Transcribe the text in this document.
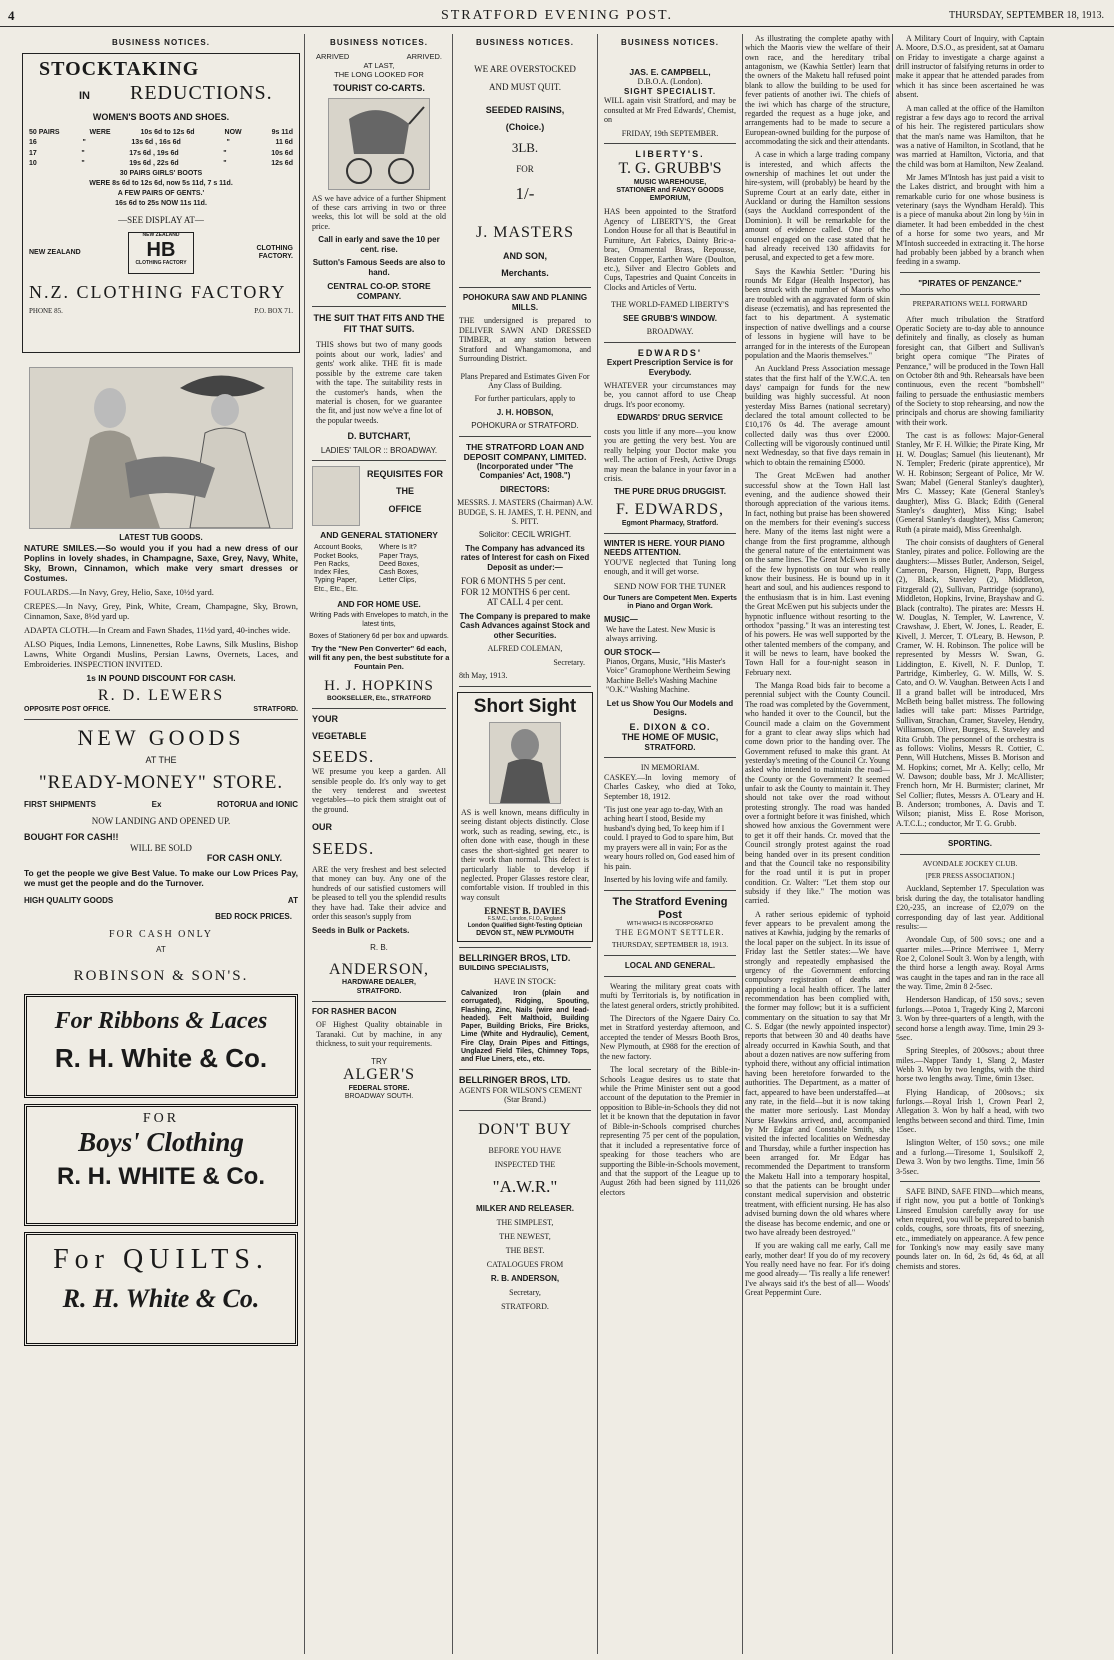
4	STRATFORD EVENING POST.	THURSDAY, SEPTEMBER 18, 1913.
BUSINESS NOTICES.
STOCKTAKING
IN REDUCTIONS.
WOMEN'S BOOTS AND SHOES.
50 PAIRS	WERE	10s 6d to 12s 6d	NOW	9s 11d
16	"	13s 6d , 16s 6d	"	11 6d
17	"	17s 6d , 19s 6d	"	10s 6d
10	"	19s 6d , 22s 6d	"	12s 6d
30 PAIRS GIRLS' BOOTS
WERE 8s 6d to 12s 6d, now 5s 11d, 7 s 11d.
A FEW PAIRS OF GENTS.'
16s 6d to 25s NOW 11s 11d.
—SEE DISPLAY AT—
NEW ZEALAND
NEW ZEALAND
HB
CLOTHING FACTORY
CLOTHING FACTORY.
N.Z. CLOTHING FACTORY
PHONE 85.	P.O. BOX 71.
LATEST TUB GOODS.

NATURE SMILES.—So would you if you had a new dress of our Poplins in lovely shades, in Champagne, Saxe, Grey, Navy, White, Sky, Brown, Cinnamon, which make very smart dresses or Costumes.

FOULARDS.—In Navy, Grey, Helio, Saxe, 10½d yard.

CREPES.—In Navy, Grey, Pink, White, Cream, Champagne, Sky, Brown, Cinnamon, Saxe, 8½d yard up.

ADAPTA CLOTH.—In Cream and Fawn Shades, 11½d yard, 40-inches wide.

ALSO Piques, India Lemons, Linnenettes, Robe Lawns, Silk Muslins, Bishop Lawns, White Organdi Muslins, Persian Lawns, Overnets, Laces, and Embroideries. INSPECTION INVITED.

1s IN POUND DISCOUNT FOR CASH.

R. D. LEWERS
OPPOSITE POST OFFICE.	STRATFORD.
NEW GOODS
AT THE
"READY-MONEY" STORE.
FIRST SHIPMENTS	Ex	ROTORUA and IONIC
NOW LANDING AND OPENED UP.
BOUGHT FOR CASH!!
WILL BE SOLD
FOR CASH ONLY.

To get the people we give Best Value. To make our Low Prices Pay, we must get the people and do the Turnover.

HIGH QUALITY GOODS	AT
BED ROCK PRICES.
FOR CASH ONLY
AT
ROBINSON & SON'S.
For Ribbons & Laces
R. H. White & Co.
FOR
Boys' Clothing
R. H. WHITE & Co.
For QUILTS.
R. H. White & Co.
BUSINESS NOTICES.
ARRIVED	ARRIVED.
AT LAST,
THE LONG LOOKED FOR
TOURIST CO-CARTS.

AS we have advice of a further Shipment of these cars arriving in two or three weeks, this lot will be sold at the old price.

Call in early and save the 10 per cent. rise.

Sutton's Famous Seeds are also to hand.

CENTRAL CO-OP. STORE COMPANY.

THE SUIT THAT FITS AND THE FIT THAT SUITS.

THIS shows but two of many goods points about our work, ladies' and gents' work alike. THE fit is made possible by the extreme care taken with the tape. The suitability rests in the customer's hands, when the material is chosen, for we guarantee the fit, and just now we've a fine lot of the popular tweeds.

D. BUTCHART,

LADIES' TAILOR :: BROADWAY.

REQUISITES FOR
THE
OFFICE
AND GENERAL STATIONERY
Account Books,	Where Is It?
Pocket Books,	Paper Trays,
Pen Racks,	Deed Boxes,
Index Files,	Cash Boxes,
Typing Paper,	Letter Clips,
Etc., Etc., Etc.
AND FOR HOME USE.

Writing Pads with Envelopes to match, in the latest tints,

Boxes of Stationery 6d per box and upwards.

Try the "New Pen Converter" 6d each, will fit any pen, the best substitute for a Fountain Pen.

H. J. HOPKINS
BOOKSELLER, Etc., STRATFORD
YOUR
VEGETABLE
SEEDS.

WE presume you keep a garden. All sensible people do. It's only way to get the very tenderest and sweetest vegetables—to pick them straight out of the ground.

OUR
SEEDS.

ARE the very freshest and best selected that money can buy. Any one of the hundreds of our satisfied customers will be pleased to tell you the splendid results they have had. Take their advice and order this season's supply from

Seeds in Bulk or Packets.

R. B.
ANDERSON,
HARDWARE DEALER,
STRATFORD.
FOR RASHER BACON

OF Highest Quality obtainable in Taranaki. Cut by machine, in any thickness, to suit your requirements.

TRY
ALGER'S
FEDERAL STORE.
BROADWAY SOUTH.
BUSINESS NOTICES.
WE ARE OVERSTOCKED
AND MUST QUIT.
SEEDED RAISINS,
(Choice.)
3LB.
FOR
1/-
J. MASTERS
AND SON,
Merchants.
POHOKURA SAW AND PLANING MILLS.

THE undersigned is prepared to DELIVER SAWN AND DRESSED TIMBER, at any station between Stratford and Whangamomona, and Surrounding District.

Plans Prepared and Estimates Given For Any Class of Building.

For further particulars, apply to

J. H. HOBSON,

POHOKURA or STRATFORD.

THE STRATFORD LOAN AND DEPOSIT COMPANY, LIMITED.

(Incorporated under "The Companies' Act, 1908.")

DIRECTORS:

MESSRS. J. MASTERS (Chairman) A.W. BUDGE, S. H. JAMES, T. H. PENN, and S. PITT.

Solicitor: CECIL WRIGHT.

The Company has advanced its rates of Interest for cash on Fixed Deposit as under:—

FOR 6 MONTHS 5 per cent.
FOR 12 MONTHS 6 per cent.
AT CALL 4 per cent.

The Company is prepared to make Cash Advances against Stock and other Securities.

ALFRED COLEMAN,

Secretary.

8th May, 1913.

Short Sight

AS is well known, means difficulty in seeing distant objects distinctly. Close work, such as reading, sewing, etc., is often done with ease, though in these cases the short-sighted get nearer to their work than normal. This defect is particularly liable to develop if neglected. Proper Glasses restore clear, comfortable vision. If troubled in this way consult

ERNEST B. DAVIES
F.S.M.C., London, F.I.O., England
London Qualified Sight-Testing Optician
DEVON ST., NEW PLYMOUTH
BELLRINGER BROS, LTD.
BUILDING SPECIALISTS,
HAVE IN STOCK:

Calvanized Iron (plain and corrugated), Ridging, Spouting, Flashing, Zinc, Nails (wire and lead-headed). Felt Malthoid, Building Paper, Building Bricks, Fire Bricks, Lime (White and Hydraulic), Cement, Fire Clay, Drain Pipes and Fittings, Unglazed Field Tiles, Chimney Tops, and Flue Liners, etc., etc.

BELLRINGER BROS, LTD.
AGENTS FOR WILSON'S CEMENT
(Star Brand.)
DON'T BUY
BEFORE YOU HAVE
INSPECTED THE
"A.W.R."
MILKER AND RELEASER.
THE SIMPLEST,
THE NEWEST,
THE BEST.
CATALOGUES FROM
R. B. ANDERSON,
Secretary,
STRATFORD.
BUSINESS NOTICES.
JAS. E. CAMPBELL,
D.B.O.A. (London).
SIGHT SPECIALIST.

WILL again visit Stratford, and may be consulted at Mr Fred Edwards', Chemist, on

FRIDAY, 19th SEPTEMBER.

LIBERTY'S.
T. G. GRUBB'S
MUSIC WAREHOUSE,
STATIONER and FANCY GOODS
EMPORIUM,

HAS been appointed to the Stratford Agency of LIBERTY'S, the Great London House for all that is Beautiful in Furniture, Art Fabrics, Dainty Bric-a-brac, Ornamental Brass, Repousse, Beaten Copper, Earthen Ware (Doulton, etc.), Silver and Electro Goblets and Cups, Tapestries and Quaint Conceits in Clocks and Articles of Vertu.

THE WORLD-FAMED LIBERTY'S

SEE GRUBB'S WINDOW.

BROADWAY.

EDWARDS'

Expert Prescription Service is for Everybody.

WHATEVER your circumstances may be, you cannot afford to use Cheap drugs. It's poor economy.

EDWARDS' DRUG SERVICE

costs you little if any more—you know you are getting the very best. You are really helping your Doctor make you well. The action of Fresh, Active Drugs may mean the balance in your favor in a crisis.

THE PURE DRUG DRUGGIST.

F. EDWARDS,
Egmont Pharmacy, Stratford.
WINTER IS HERE. YOUR PIANO NEEDS ATTENTION.

YOU'VE neglected that Tuning long enough, and it will get worse.

SEND NOW FOR THE TUNER

Our Tuners are Competent Men. Experts in Piano and Organ Work.

MUSIC—

We have the Latest. New Music is always arriving.

OUR STOCK—

Pianos, Organs, Music, "His Master's Voice" Gramophone Wertheim Sewing Machine Belle's Washing Machine "O.K." Washing Machine.

Let us Show You Our Models and Designs.

E. DIXON & CO.
THE HOME OF MUSIC,
STRATFORD.
IN MEMORIAM.

CASKEY.—In loving memory of Charles Caskey, who died at Toko, September 18, 1912.

'Tis just one year ago to-day, With an aching heart I stood, Beside my husband's dying bed, To keep him if I could. I prayed to God to spare him, But my prayers were all in vain; For as the weary hours rolled on, God eased him of his pain.

Inserted by his loving wife and family.

The Stratford Evening Post
WITH WHICH IS INCORPORATED
THE EGMONT SETTLER.
THURSDAY, SEPTEMBER 18, 1913.
LOCAL AND GENERAL.

Wearing the military great coats with mufti by Territorials is, by notification in the latest general orders, strictly prohibited.

The Directors of the Ngaere Dairy Co. met in Stratford yesterday afternoon, and accepted the tender of Messrs Booth Bros, New Plymouth, at £988 for the erection of the new factory.

The local secretary of the Bible-in-Schools League desires us to state that while the Prime Minister sent out a good account of the deputation to the Premier in opposition to Bible-in-Schools they did not let it be known that the deputation in favor of Bible-in-Schools comprised churches representing 75 per cent of the population, that it included a representative force of speaking for those teachers who are supporting the Bible-in-Schools movement, and that the support of the League up to August 26th had been signed by 111,026 electors

As illustrating the complete apathy with which the Maoris view the welfare of their own race, and the hereditary tribal antagonism, we (Kawhia Settler) learn that the owners of the Maketu hall refused point blank to allow the building to be used for fever patients of another iwi. The chiefs of the iwi which has charge of the structure, regarded the request as a huge joke, and arrangements had to be made to secure a European-owned building for the purpose of accommodating the sick and their attendants.

A case in which a large trading company is interested, and which affects the ownership of machines let out under the hire-system, will (probably) be heard by the Supreme Court at an early date, either in Auckland or during the Hamilton sessions (says the Auckland correspondent of the Dominion). It will be remarkable for the amount of evidence called. One of the counsel engaged on the case stated that he had already received 130 affidavits for perusal, and expected to get a few more.

Says the Kawhia Settler: "During his rounds Mr Edgar (Health Inspector), has been struck with the number of Maoris who are troubled with an aggravated form of skin disease (eczematis), and has represented the fact to his department. A systematic inspection of native dwellings and a course of lessons in hygiene will have to be arranged for in the interests of the European population and the Maoris themselves."

An Auckland Press Association message states that the first half of the Y.W.C.A. ten days' campaign for funds for the new building was highly successful. At noon yesterday Miss Barnes (national secretary) declared the total amount collected to be £10,176 0s 4d. The average amount collected daily was thus over £2000. Collecting will be vigorously continued until next Wednesday, so that five days remain in which to obtain the remaining £5000.

The Great McEwen had another successful show at the Town Hall last evening, and the audience showed their thorough appreciation of the various items. In fact, nothing but praise has been showered on the members for their evening's success here. Many of the items last night were a change from the first programme, although the general nature of the entertainment was on the same lines. The Great McEwen is one of the few hypnotists on tour who really know their business. He is bound up in it heart and soul, and his audiences respond to the enthusiasm that is in him. Last evening the Great McEwen put his subjects under the hypnotic influence without resorting to the orthodox "passing." It was an interesting test of his powers. He was well supported by the other talented members of the company, and it will be news to learn, have booked the Town Hall for a four-night season in February next.

The Manga Road bids fair to become a perennial subject with the County Council. The road was completed by the Government, who handed it over to the Council, but the Council made a claim on the Government for a grant to clear away slips which had come down prior to the handing over. The Government refused to make this grant. At yesterday's meeting of the Council Cr. Young asked who intended to maintain the road—the County or the Government? It seemed unfair to ask the County to maintain it. They should not take over the road without protesting strongly. The road was handed over a fortnight before it was finished, which showed how anxious the Government were to get it off their hands. Cr. moved that the Council strongly protest against the road being handed over in its present condition and that the Council take no responsibility for the road until it is put in proper condition. Cr. Walter: "Let them stop our subsidy if they like." The motion was carried.

A rather serious epidemic of typhoid fever appears to be prevalent among the natives at Kawhia, judging by the remarks of the local paper on the subject. In its issue of Friday last the Settler states:—We have strongly and repeatedly emphasised the urgency of the Government enforcing compulsory registration of deaths and appointing a local health officer. The latter recommendation has been complied with, the former may follow; but it is a sufficient commentary on the situation to say that Mr C. S. Edgar (the newly appointed inspector) reports that between 30 and 40 deaths have already occurred in Kawhia South, and that about a dozen natives are now suffering from typhoid there, without any official intimation having been heretofore forwarded to the authorities. The Department, as a matter of fact, appeared to have been understaffed—at any rate, in the field—but it is now taking the matter more seriously. Last Monday Nurse Hawkins arrived, and, accompanied by Mr Edgar and Constable Smith, she visited the infected localities on Wednesday and Thursday, while a further inspection has been arranged for. Mr Edgar has recommended the Department to transform the Maketu Hall into a temporary hospital, so that the patients can be brought under constant medical supervision and obstetric treatment, with efficient nursing. He has also advised burning down the old whares where the disease has become endemic, and one or two have already been destroyed."

If you are waking call me early, Call me early, mother dear! If you do of my recovery You really need have no fear. For it's doing me good already— 'Tis really a life renewer! I've always said it's the best of all— Woods' Great Peppermint Cure.

A Military Court of Inquiry, with Captain A. Moore, D.S.O., as president, sat at Oamaru on Friday to investigate a charge against a drill instructor of falsifying returns in order to make it appear that he attended parades from which it has since been ascertained he was absent.

A man called at the office of the Hamilton registrar a few days ago to record the arrival of his heir. The registered particulars show that the man's name was Hamilton, that he was a native of Hamilton, in Scotland, that he was married at Hamilton, Victoria, and that the child was born at Hamilton, New Zealand.

Mr James M'Intosh has just paid a visit to the Lakes district, and brought with him a remarkable curio for one whose business is veterinary (says the Wyndham Herald). This is a piece of manuka about 2in long by ½in in diameter. It had been embedded in the chest of a horse for some two years, and Mr M'Intosh succeeded in extracting it. The horse had probably been jabbed by a branch when feeding in a swamp.

"PIRATES OF PENZANCE."
PREPARATIONS WELL FORWARD

After much tribulation the Stratford Operatic Society are to-day able to announce definitely and finally, as closely as human foresight can, that Gilbert and Sullivan's bright opera comique "The Pirates of Penzance," will be produced in the Town Hall on October 8th and 9th. Rehearsals have been continuous, even the recent "bombshell" failing to persuade the enthusiastic members of the Society to stop rehearsing, and now the principals and chorus are showing familiarity with their work.

The cast is as follows: Major-General Stanley, Mr F. H. Wilkie; the Pirate King, Mr H. W. Douglas; Samuel (his lieutenant), Mr N. Templer; Frederic (pirate apprentice), Mr W. H. Robinson; Sergeant of Police, Mr W. Swan; Mabel (General Stanley's daughter), Mrs C. Massey; Kate (General Stanley's daughter), Miss G. Black; Edith (General Stanley's daughter), Miss King; Isabel (General Stanley's daughter), Miss Cameron; Ruth (a pirate maid), Miss Greenhalgh.

The choir consists of daughters of General Stanley, pirates and police. Following are the daughters:—Misses Butler, Anderson, Seigel, Cameron, Pearson, Hignett, Papp, Burgess (2), Black, Staveley (2), Middleton, Fitzgerald (2), Sullivan, Partridge (soprano), Middleton, Hopkins, Irvine, Brayshaw and G. Black (contralto). The pirates are: Messrs H. W. Douglas, N. Templer, W. Lawrence, V. Crawshaw, J. Ebert, W. Jones, L. Reader, E. Kivell, J. Mercer, T. O'Leary, B. Hewson, P. Cramer, W. H. Robinson. The police will be represented by Messrs W. Swan, G. Liddington, E. Kivell, N. F. Dunlop, T. Partridge, Kimberley, G. W. Mills, W. S. Cato, and O. W. Vaughan. Between Acts I and II a grand ballet will be introduced, Mrs McBeth being ballet mistress. The following ladies will take part: Misses Partridge, Sullivan, Strachan, Cramer, Staveley, Hendry, Williamson, Oliver, Burgess, E. Staveley and Rita Grubb. The personnel of the orchestra is as follows: Violins, Messrs R. Cottier, C. Penn, Will Hutchens, Misses B. Morison and M. Hopkins; cornet, Mr A. Kelly; cello, Mr W. Dawson; double bass, Mr J. McAllister; French horn, Mr H. Burmister; clarinet, Mr Sel Collier; flutes, Messrs A. O'Leary and H. B. Anderson; trombones, A. Davis and T. Wilson; pianist, Miss E. Rose Morison, A.T.C.L.; conductor, Mr T. G. Grubb.

SPORTING.
AVONDALE JOCKEY CLUB.
[PER PRESS ASSOCIATION.]

Auckland, September 17. Speculation was brisk during the day, the totalisator handling £20,-235, an increase of £2,079 on the corresponding day of last year. Additional results:—

Avondale Cup, of 500 sovs.; one and a quarter miles.—Prince Merriwee 1, Merry Roe 2, Colonel Soult 3. Won by a length, with the third horse a length away. Royal Arms was caught in the tapes and ran in the race all the way. Time, 2min 8 2-5sec.

Henderson Handicap, of 150 sovs.; seven furlongs.—Potoa 1, Tragedy King 2, Marconi 3. Won by three-quarters of a length, with the second horse a length away. Time, 1min 29 3-5sec.

Spring Steeples, of 200sovs.; about three miles.—Napper Tandy 1, Slang 2, Master Webb 3. Won by two lengths, with the third horse two lengths away. Time, 6min 13sec.

Flying Handicap, of 200sovs.; six furlongs.—Royal Irish 1, Crown Pearl 2, Allegation 3. Won by half a head, with two lengths between second and third. Time, 1min 15sec.

Islington Welter, of 150 sovs.; one mile and a furlong.—Tiresome 1, Soulsikoff 2, Dewa 3. Won by two lengths. Time, 1min 56 3-5sec.

SAFE BIND, SAFE FIND—which means, if right now, you put a bottle of Tonking's Linseed Emulsion carefully away for use when required, you will be prepared to banish colds, coughs, sore throats, fits of sneezing, etc., immediately on appearance. A few pence for Tonking's now may easily save many pounds later on. In 6d, 2s 6d, 4s 6d, at all chemists and stores.
